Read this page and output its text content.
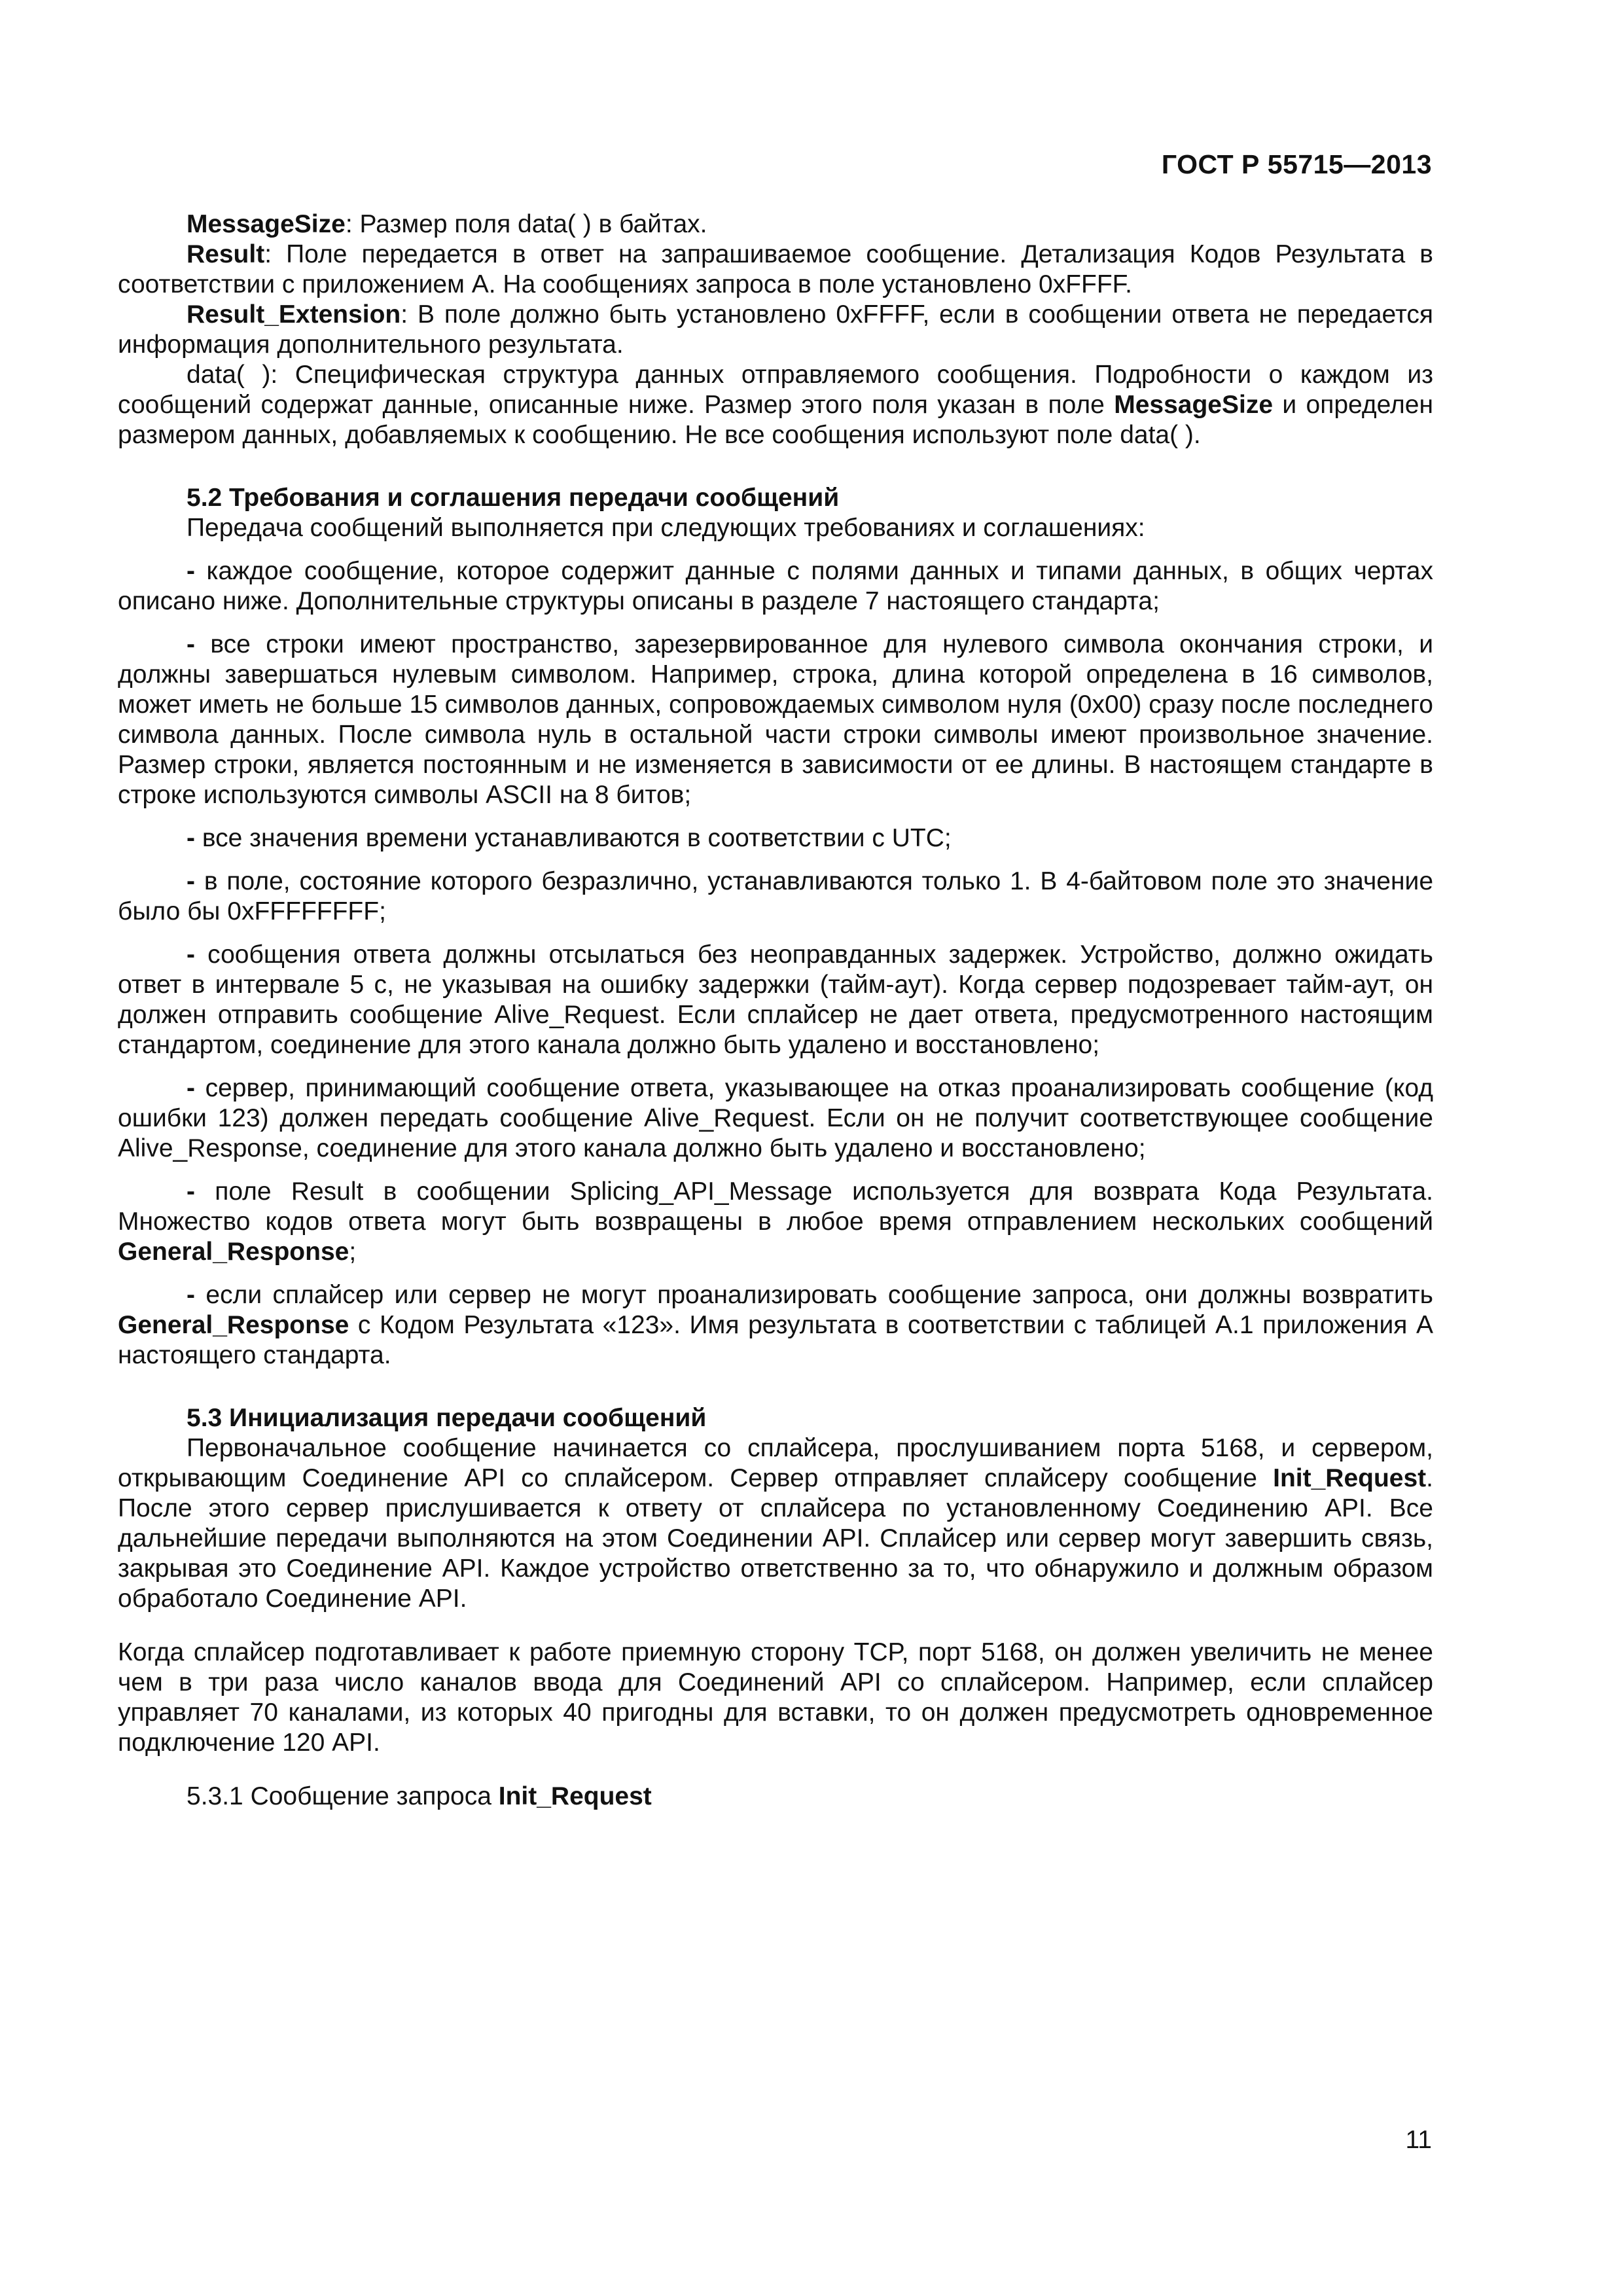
ГОСТ Р 55715—2013

MessageSize: Размер поля data( ) в байтах.

Result: Поле передается в ответ на запрашиваемое сообщение. Детализация Кодов Результата в соответствии с приложением А. На сообщениях запроса в поле установлено 0xFFFF.

Result_Extension: В поле должно быть установлено 0xFFFF, если в сообщении ответа не передается информация дополнительного результата.

data( ): Специфическая структура данных отправляемого сообщения. Подробности о каждом из сообщений содержат данные, описанные ниже. Размер этого поля указан в поле MessageSize и определен размером данных, добавляемых к сообщению. Не все сообщения используют поле data( ).

5.2 Требования и соглашения передачи сообщений

Передача сообщений выполняется при следующих требованиях и соглашениях:

- каждое сообщение, которое содержит данные с полями данных и типами данных, в общих чертах описано ниже. Дополнительные структуры описаны в разделе 7 настоящего стандарта;

- все строки имеют пространство, зарезервированное для нулевого символа окончания строки, и должны завершаться нулевым символом. Например, строка, длина которой определена в 16 символов, может иметь не больше 15 символов данных, сопровождаемых символом нуля (0x00) сразу после последнего символа данных. После символа нуль в остальной части строки символы имеют произвольное значение. Размер строки, является постоянным и не изменяется в зависимости от ее длины. В настоящем стандарте в строке используются символы ASCII на 8 битов;

- все значения времени устанавливаются в соответствии с UTC;

- в поле, состояние которого безразлично, устанавливаются только 1. В 4-байтовом поле это значение было бы 0xFFFFFFFF;

- сообщения ответа должны отсылаться без неоправданных задержек. Устройство, должно ожидать ответ в интервале 5 с, не указывая на ошибку задержки (тайм-аут). Когда сервер подозревает тайм-аут, он должен отправить сообщение Alive_Request. Если сплайсер не дает ответа, предусмотренного настоящим стандартом, соединение для этого канала должно быть удалено и восстановлено;

- сервер, принимающий сообщение ответа, указывающее на отказ проанализировать сообщение (код ошибки 123) должен передать сообщение Alive_Request. Если он не получит соответствующее сообщение Alive_Response, соединение для этого канала должно быть удалено и восстановлено;

- поле Result в сообщении Splicing_API_Message используется для возврата Кода Результата. Множество кодов ответа могут быть возвращены в любое время отправлением нескольких сообщений General_Response;

- если сплайсер или сервер не могут проанализировать сообщение запроса, они должны возвратить General_Response с Кодом Результата «123». Имя результата в соответствии с таблицей А.1 приложения А настоящего стандарта.

5.3 Инициализация передачи сообщений

Первоначальное сообщение начинается со сплайсера, прослушиванием порта 5168, и сервером, открывающим Соединение API со сплайсером. Сервер отправляет сплайсеру сообщение Init_Request. После этого сервер прислушивается к ответу от сплайсера по установленному Соединению API. Все дальнейшие передачи выполняются на этом Соединении API. Сплайсер или сервер могут завершить связь, закрывая это Соединение API. Каждое устройство ответственно за то, что обнаружило и должным образом обработало Соединение API.

Когда сплайсер подготавливает к работе приемную сторону TCP, порт 5168, он должен увеличить не менее чем в три раза число каналов ввода для Соединений API со сплайсером. Например, если сплайсер управляет 70 каналами, из которых 40 пригодны для вставки, то он должен предусмотреть одновременное подключение 120 API.

5.3.1 Сообщение запроса Init_Request

11
